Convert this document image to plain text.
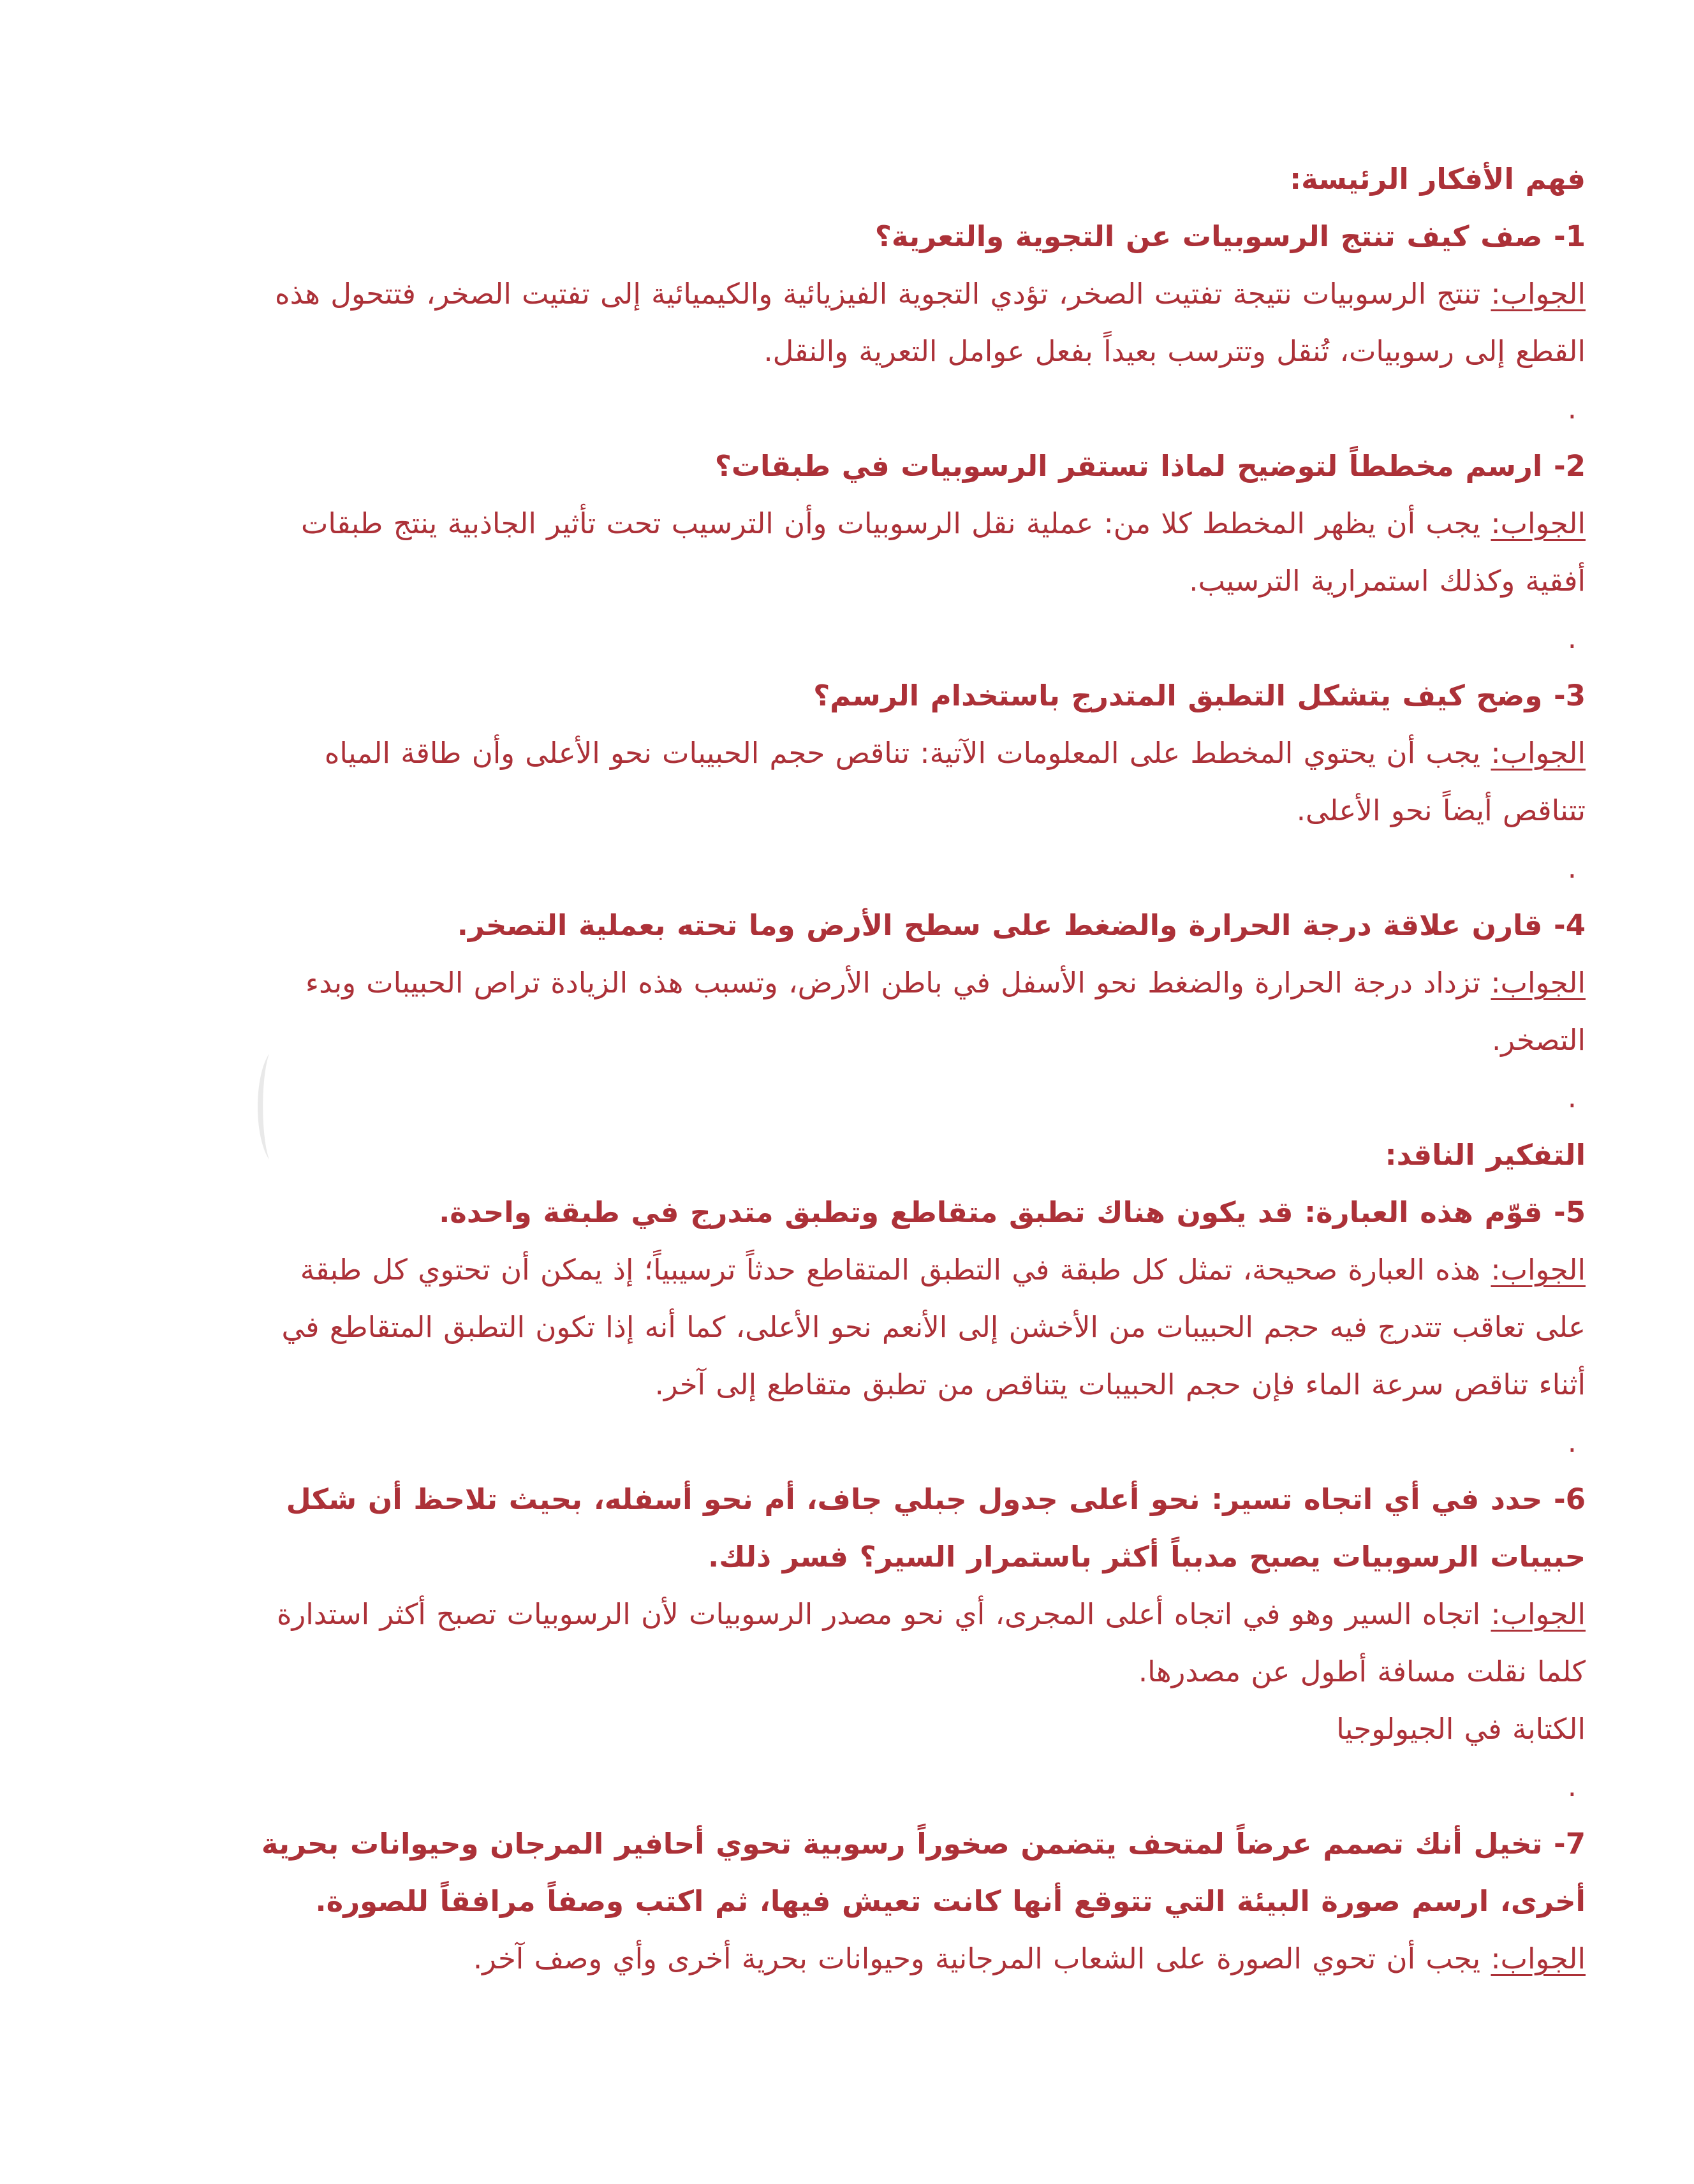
فهم الأفكار الرئيسة:

1- صف كيف تنتج الرسوبيات عن التجوية والتعرية؟

الجواب: تنتج الرسوبيات نتيجة تفتيت الصخر، تؤدي التجوية الفيزيائية والكيميائية إلى تفتيت الصخر، فتتحول هذه القطع إلى رسوبيات، تُنقل وتترسب بعيداً بفعل عوامل التعرية والنقل.

.

2- ارسم مخططاً لتوضيح لماذا تستقر الرسوبيات في طبقات؟

الجواب: يجب أن يظهر المخطط كلا من: عملية نقل الرسوبيات وأن الترسيب تحت تأثير الجاذبية ينتج طبقات أفقية وكذلك استمرارية الترسيب.

.

3- وضح كيف يتشكل التطبق المتدرج باستخدام الرسم؟

الجواب: يجب أن يحتوي المخطط على المعلومات الآتية: تناقص حجم الحبيبات نحو الأعلى وأن طاقة المياه تتناقص أيضاً نحو الأعلى.

.

4- قارن علاقة درجة الحرارة والضغط على سطح الأرض وما تحته بعملية التصخر.

الجواب: تزداد درجة الحرارة والضغط نحو الأسفل في باطن الأرض، وتسبب هذه الزيادة تراص الحبيبات وبدء التصخر.

.

التفكير الناقد:

5- قوّم هذه العبارة: قد يكون هناك تطبق متقاطع وتطبق متدرج في طبقة واحدة.

الجواب: هذه العبارة صحيحة، تمثل كل طبقة في التطبق المتقاطع حدثاً ترسيبياً؛ إذ يمكن أن تحتوي كل طبقة على تعاقب تتدرج فيه حجم الحبيبات من الأخشن إلى الأنعم نحو الأعلى، كما أنه إذا تكون التطبق المتقاطع في أثناء تناقص سرعة الماء فإن حجم الحبيبات يتناقص من تطبق متقاطع إلى آخر.

.

6- حدد في أي اتجاه تسير: نحو أعلى جدول جبلي جاف، أم نحو أسفله، بحيث تلاحظ أن شكل حبيبات الرسوبيات يصبح مدبباً أكثر باستمرار السير؟ فسر ذلك.

الجواب: اتجاه السير وهو في اتجاه أعلى المجرى، أي نحو مصدر الرسوبيات لأن الرسوبيات تصبح أكثر استدارة كلما نقلت مسافة أطول عن مصدرها.

الكتابة في الجيولوجيا

.

7- تخيل أنك تصمم عرضاً لمتحف يتضمن صخوراً رسوبية تحوي أحافير المرجان وحيوانات بحرية أخرى، ارسم صورة البيئة التي تتوقع أنها كانت تعيش فيها، ثم اكتب وصفاً مرافقاً للصورة.

الجواب: يجب أن تحوي الصورة على الشعاب المرجانية وحيوانات بحرية أخرى وأي وصف آخر.
